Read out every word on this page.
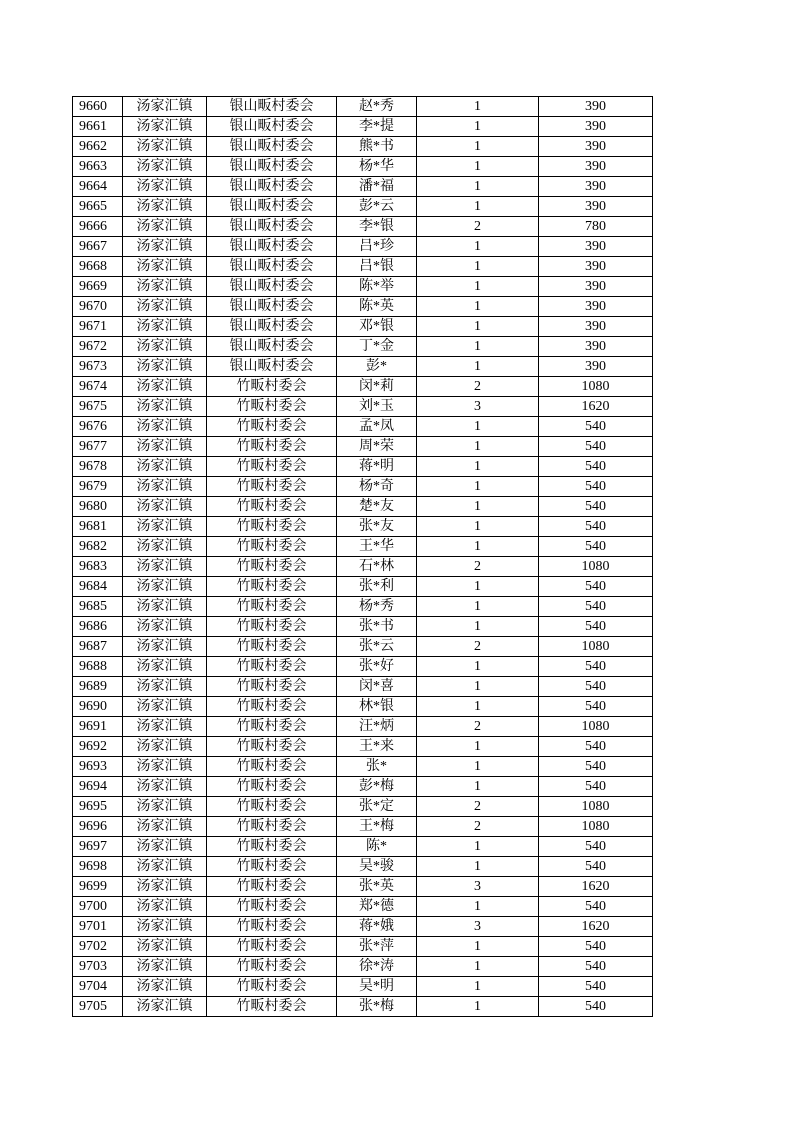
9660	汤家汇镇	银山畈村委会	赵*秀	1	390
9661	汤家汇镇	银山畈村委会	李*提	1	390
9662	汤家汇镇	银山畈村委会	熊*书	1	390
9663	汤家汇镇	银山畈村委会	杨*华	1	390
9664	汤家汇镇	银山畈村委会	潘*福	1	390
9665	汤家汇镇	银山畈村委会	彭*云	1	390
9666	汤家汇镇	银山畈村委会	李*银	2	780
9667	汤家汇镇	银山畈村委会	吕*珍	1	390
9668	汤家汇镇	银山畈村委会	吕*银	1	390
9669	汤家汇镇	银山畈村委会	陈*举	1	390
9670	汤家汇镇	银山畈村委会	陈*英	1	390
9671	汤家汇镇	银山畈村委会	邓*银	1	390
9672	汤家汇镇	银山畈村委会	丁*金	1	390
9673	汤家汇镇	银山畈村委会	彭*	1	390
9674	汤家汇镇	竹畈村委会	闵*莉	2	1080
9675	汤家汇镇	竹畈村委会	刘*玉	3	1620
9676	汤家汇镇	竹畈村委会	孟*凤	1	540
9677	汤家汇镇	竹畈村委会	周*荣	1	540
9678	汤家汇镇	竹畈村委会	蒋*明	1	540
9679	汤家汇镇	竹畈村委会	杨*奇	1	540
9680	汤家汇镇	竹畈村委会	楚*友	1	540
9681	汤家汇镇	竹畈村委会	张*友	1	540
9682	汤家汇镇	竹畈村委会	王*华	1	540
9683	汤家汇镇	竹畈村委会	石*林	2	1080
9684	汤家汇镇	竹畈村委会	张*利	1	540
9685	汤家汇镇	竹畈村委会	杨*秀	1	540
9686	汤家汇镇	竹畈村委会	张*书	1	540
9687	汤家汇镇	竹畈村委会	张*云	2	1080
9688	汤家汇镇	竹畈村委会	张*好	1	540
9689	汤家汇镇	竹畈村委会	闵*喜	1	540
9690	汤家汇镇	竹畈村委会	林*银	1	540
9691	汤家汇镇	竹畈村委会	汪*炳	2	1080
9692	汤家汇镇	竹畈村委会	王*来	1	540
9693	汤家汇镇	竹畈村委会	张*	1	540
9694	汤家汇镇	竹畈村委会	彭*梅	1	540
9695	汤家汇镇	竹畈村委会	张*定	2	1080
9696	汤家汇镇	竹畈村委会	王*梅	2	1080
9697	汤家汇镇	竹畈村委会	陈*	1	540
9698	汤家汇镇	竹畈村委会	吴*骏	1	540
9699	汤家汇镇	竹畈村委会	张*英	3	1620
9700	汤家汇镇	竹畈村委会	郑*德	1	540
9701	汤家汇镇	竹畈村委会	蒋*娥	3	1620
9702	汤家汇镇	竹畈村委会	张*萍	1	540
9703	汤家汇镇	竹畈村委会	徐*涛	1	540
9704	汤家汇镇	竹畈村委会	吴*明	1	540
9705	汤家汇镇	竹畈村委会	张*梅	1	540
